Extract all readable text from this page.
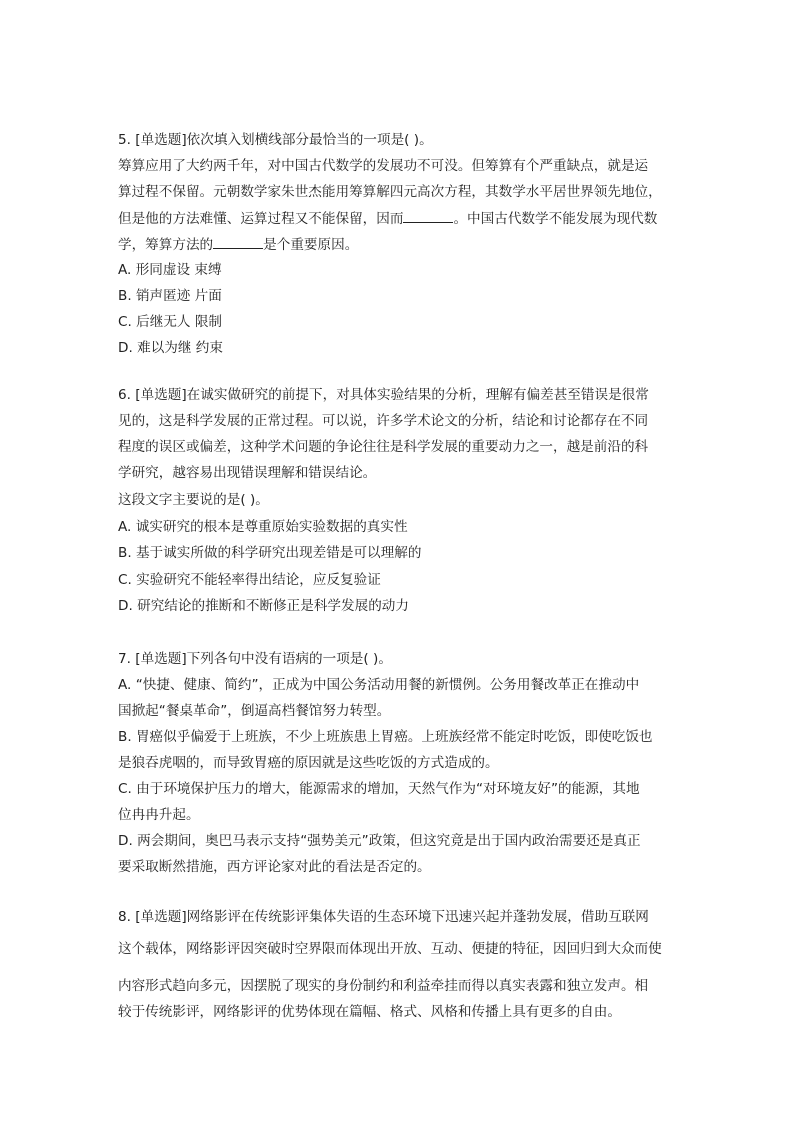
5. [单选题]依次填入划横线部分最恰当的一项是( )。
筹算应用了大约两千年，对中国古代数学的发展功不可没。但筹算有个严重缺点，就是运
算过程不保留。元朝数学家朱世杰能用筹算解四元高次方程，其数学水平居世界领先地位，
但是他的方法难懂、运算过程又不能保留，因而	。中国古代数学不能发展为现代数
学，筹算方法的	是个重要原因。
A. 形同虚设 束缚
B. 销声匿迹 片面
C. 后继无人 限制
D. 难以为继 约束
6. [单选题]在诚实做研究的前提下，对具体实验结果的分析，理解有偏差甚至错误是很常
见的，这是科学发展的正常过程。可以说，许多学术论文的分析，结论和讨论都存在不同
程度的误区或偏差，这种学术问题的争论往往是科学发展的重要动力之一，越是前沿的科
学研究，越容易出现错误理解和错误结论。
这段文字主要说的是( )。
A. 诚实研究的根本是尊重原始实验数据的真实性
B. 基于诚实所做的科学研究出现差错是可以理解的
C. 实验研究不能轻率得出结论，应反复验证
D. 研究结论的推断和不断修正是科学发展的动力
7. [单选题]下列各句中没有语病的一项是( )。
A. “快捷、健康、简约”，正成为中国公务活动用餐的新惯例。公务用餐改革正在推动中
国掀起“餐桌革命”，倒逼高档餐馆努力转型。
B. 胃癌似乎偏爱于上班族，不少上班族患上胃癌。上班族经常不能定时吃饭，即使吃饭也
是狼吞虎咽的，而导致胃癌的原因就是这些吃饭的方式造成的。
C. 由于环境保护压力的增大，能源需求的增加，天然气作为“对环境友好”的能源，其地
位冉冉升起。
D. 两会期间，奥巴马表示支持“强势美元”政策，但这究竟是出于国内政治需要还是真正
要采取断然措施，西方评论家对此的看法是否定的。
8. [单选题]网络影评在传统影评集体失语的生态环境下迅速兴起并蓬勃发展，借助互联网
这个载体，网络影评因突破时空界限而体现出开放、互动、便捷的特征，因回归到大众而使
内容形式趋向多元，因摆脱了现实的身份制约和利益牵挂而得以真实表露和独立发声。相
较于传统影评，网络影评的优势体现在篇幅、格式、风格和传播上具有更多的自由。
